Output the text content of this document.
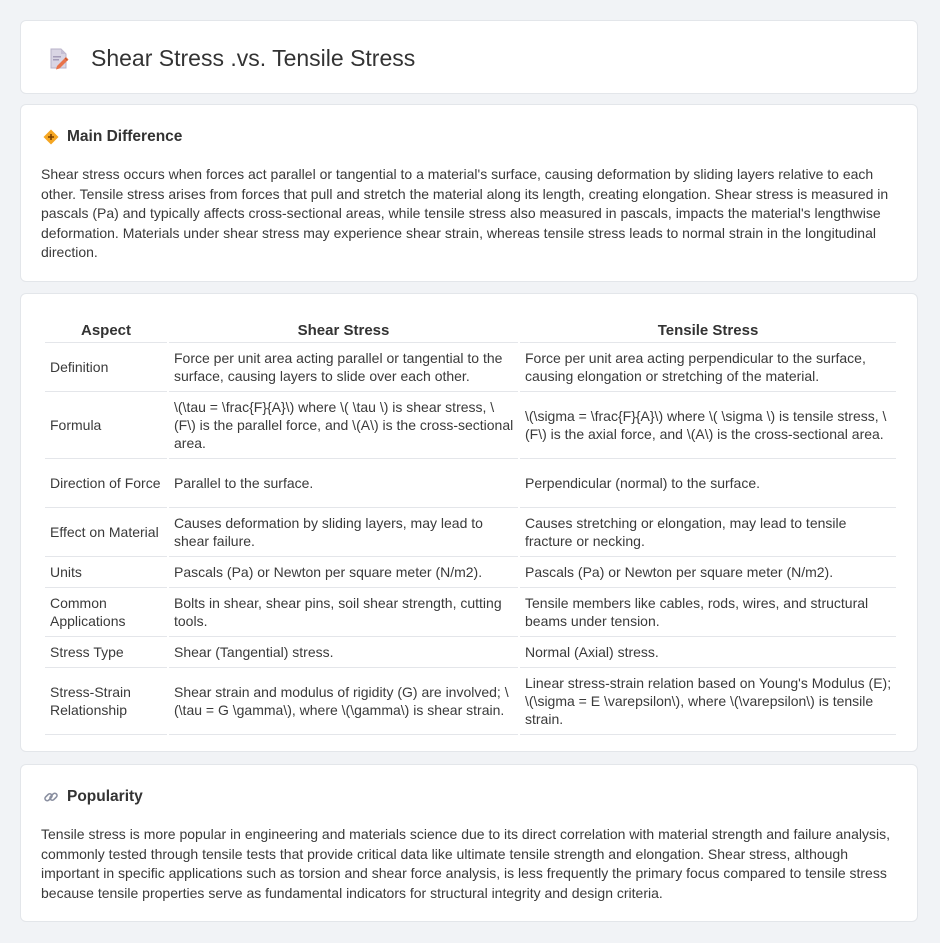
Shear Stress .vs. Tensile Stress
Main Difference

Shear stress occurs when forces act parallel or tangential to a material's surface, causing deformation by sliding layers relative to each other. Tensile stress arises from forces that pull and stretch the material along its length, creating elongation. Shear stress is measured in pascals (Pa) and typically affects cross-sectional areas, while tensile stress also measured in pascals, impacts the material's lengthwise deformation. Materials under shear stress may experience shear strain, whereas tensile stress leads to normal strain in the longitudinal direction.

Aspect	Shear Stress	Tensile Stress
Definition	Force per unit area acting parallel or tangential to the surface, causing layers to slide over each other.	Force per unit area acting perpendicular to the surface, causing elongation or stretching of the material.
Formula	\(\tau = \frac{F}{A}\) where \( \tau \) is shear stress, \(F\) is the parallel force, and \(A\) is the cross-sectional area.	\(\sigma = \frac{F}{A}\) where \( \sigma \) is tensile stress, \(F\) is the axial force, and \(A\) is the cross-sectional area.
Direction of Force	Parallel to the surface.	Perpendicular (normal) to the surface.
Effect on Material	Causes deformation by sliding layers, may lead to shear failure.	Causes stretching or elongation, may lead to tensile fracture or necking.
Units	Pascals (Pa) or Newton per square meter (N/m2).	Pascals (Pa) or Newton per square meter (N/m2).
Common Applications	Bolts in shear, shear pins, soil shear strength, cutting tools.	Tensile members like cables, rods, wires, and structural beams under tension.
Stress Type	Shear (Tangential) stress.	Normal (Axial) stress.
Stress-Strain Relationship	Shear strain and modulus of rigidity (G) are involved; \(\tau = G \gamma\), where \(\gamma\) is shear strain.	Linear stress-strain relation based on Young's Modulus (E); \(\sigma = E \varepsilon\), where \(\varepsilon\) is tensile strain.
Popularity

Tensile stress is more popular in engineering and materials science due to its direct correlation with material strength and failure analysis, commonly tested through tensile tests that provide critical data like ultimate tensile strength and elongation. Shear stress, although important in specific applications such as torsion and shear force analysis, is less frequently the primary focus compared to tensile stress because tensile properties serve as fundamental indicators for structural integrity and design criteria.
